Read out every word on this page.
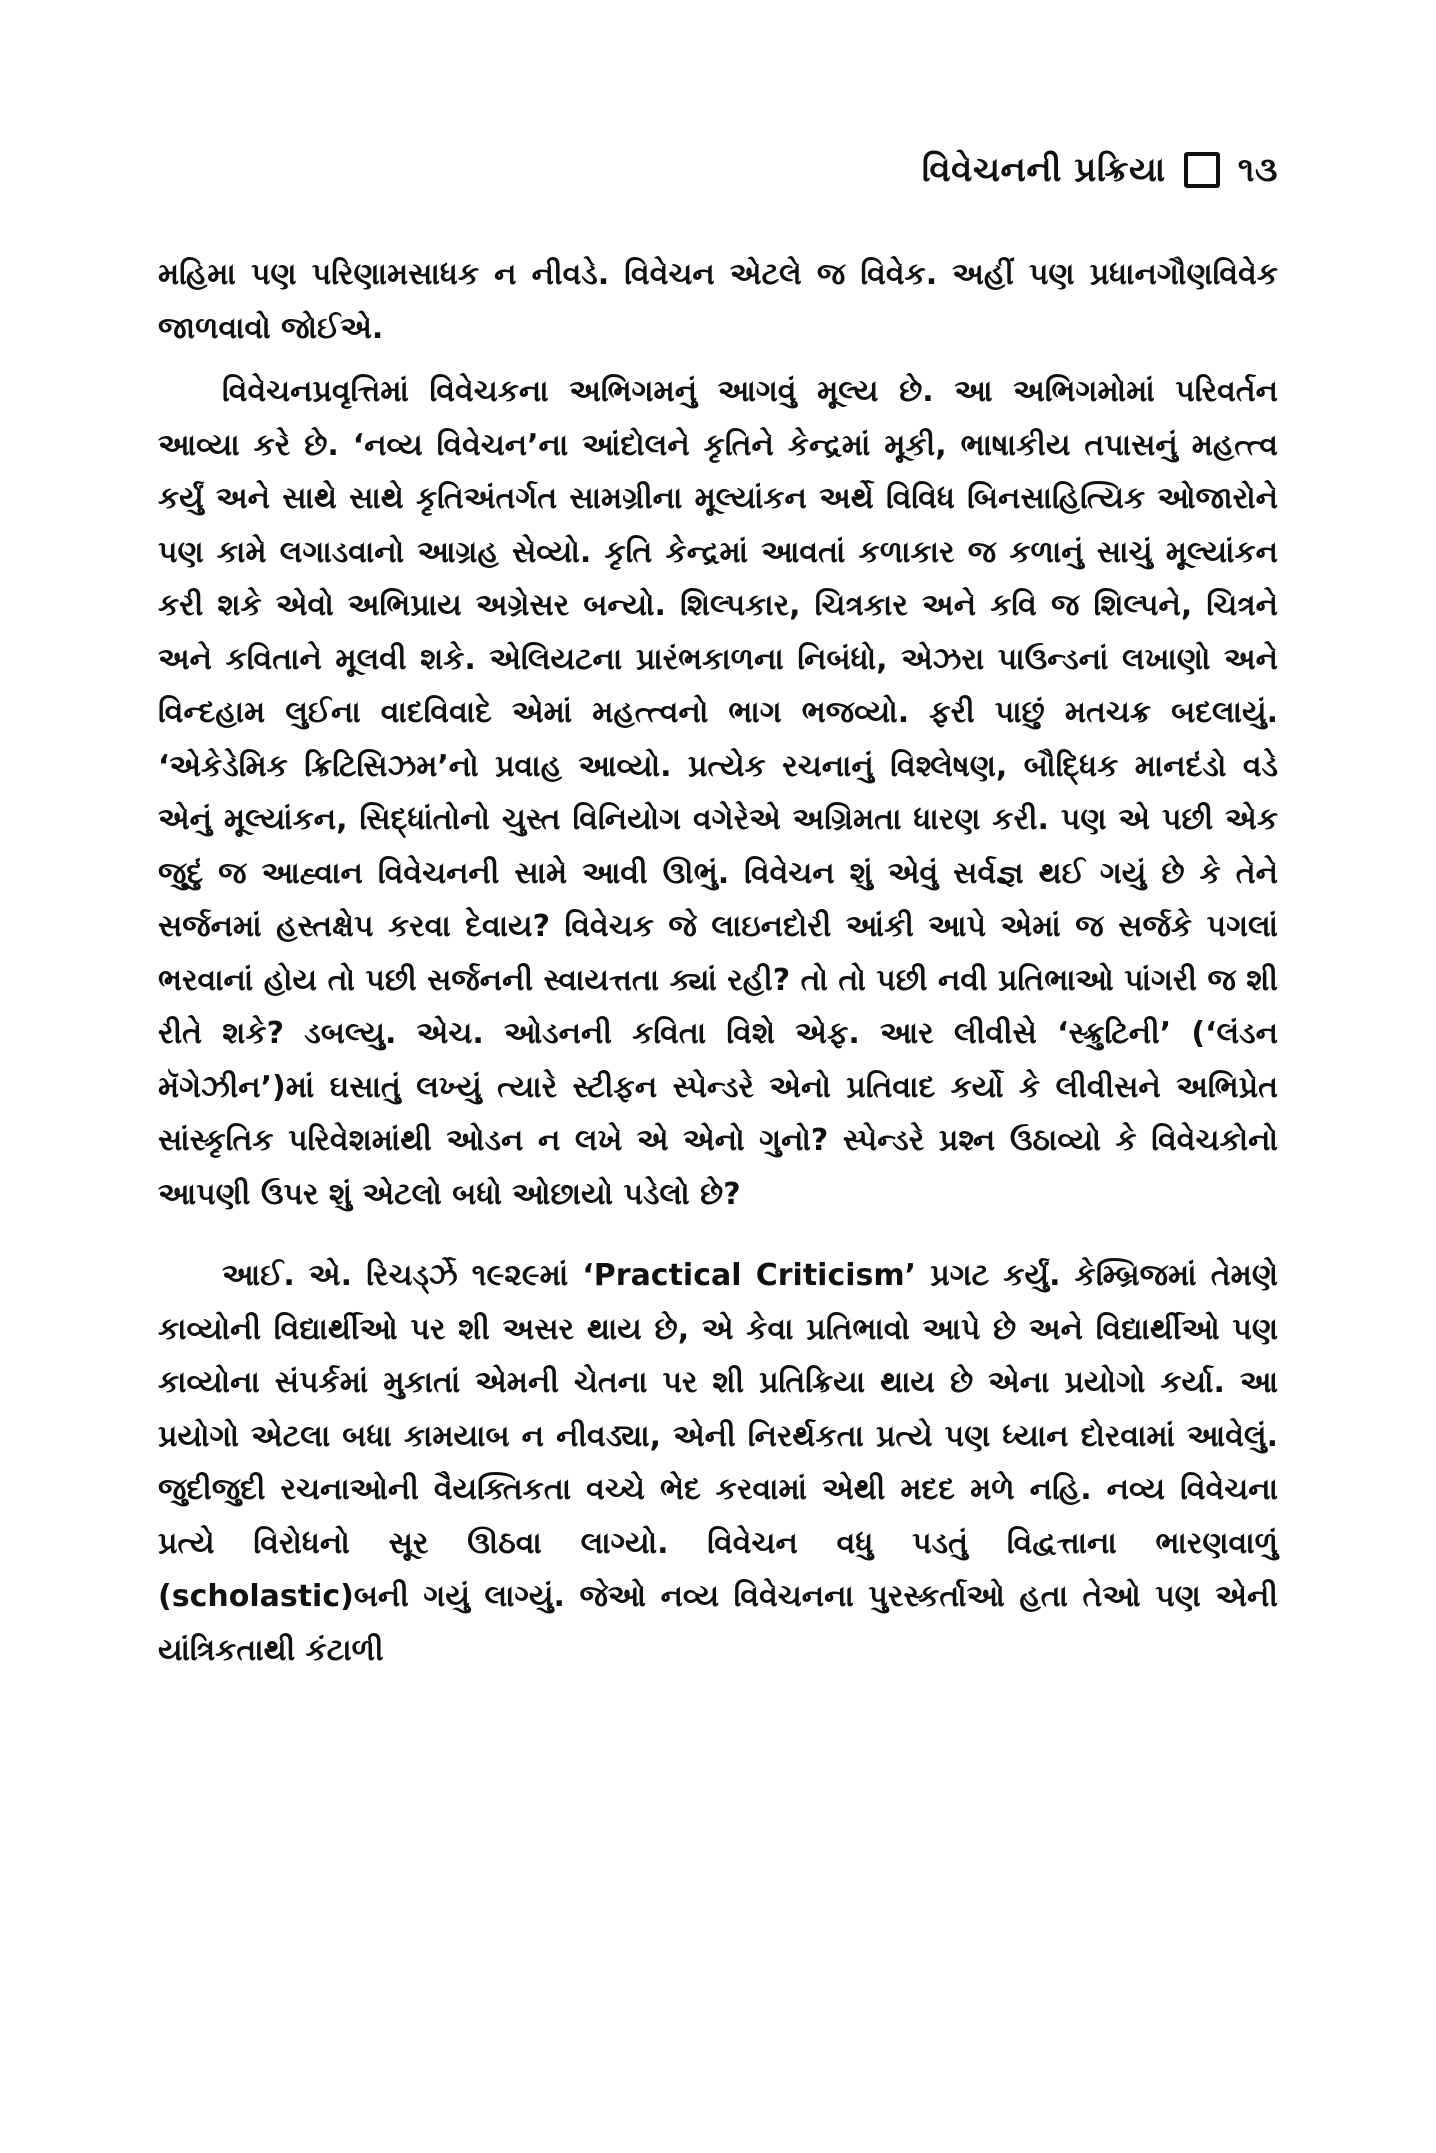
વિવેચનની પ્રક્રિયા ૧૩

મહિમા પણ પરિણામસાધક ન નીવડે. વિવેચન એટલે જ વિવેક. અહીં પણ પ્રધાનગૌણવિવેક જાળવાવો જોઈએ.

વિવેચનપ્રવૃત્તિમાં વિવેચકના અભિગમનું આગવું મૂલ્ય છે. આ અભિગમોમાં પરિવર્તન આવ્યા કરે છે. ‘નવ્ય વિવેચન’ના આંદોલને કૃતિને કેન્દ્રમાં મૂકી, ભાષાકીય તપાસનું મહત્ત્વ કર્યું અને સાથે સાથે કૃતિઅંતર્ગત સામગ્રીના મૂલ્યાંકન અર્થે વિવિધ બિનસાહિત્યિક ઓજારોને પણ કામે લગાડવાનો આગ્રહ સેવ્યો. કૃતિ કેન્દ્રમાં આવતાં કળાકાર જ કળાનું સાચું મૂલ્યાંકન કરી શકે એવો અભિપ્રાય અગ્રેસર બન્યો. શિલ્પકાર, ચિત્રકાર અને કવિ જ શિલ્પને, ચિત્રને અને કવિતાને મૂલવી શકે. એલિયટના પ્રારંભકાળના નિબંધો, એઝરા પાઉન્ડનાં લખાણો અને વિન્દહામ લુઈના વાદવિવાદે એમાં મહત્ત્વનો ભાગ ભજવ્યો. ફરી પાછું મતચક્ર બદલાયું. ‘એકેડેમિક ક્રિટિસિઝમ’નો પ્રવાહ આવ્યો. પ્રત્યેક રચનાનું વિશ્લેષણ, બૌદ્ધિક માનદંડો વડે એનું મૂલ્યાંકન, સિદ્ધાંતોનો ચુસ્ત વિનિયોગ વગેરેએ અગ્રિમતા ધારણ કરી. પણ એ પછી એક જુદું જ આહ્વાન વિવેચનની સામે આવી ઊભું. વિવેચન શું એવું સર્વજ્ઞ થઈ ગયું છે કે તેને સર્જનમાં હસ્તક્ષેપ કરવા દેવાય? વિવેચક જે લાઇનદોરી આંકી આપે એમાં જ સર્જકે પગલાં ભરવાનાં હોય તો પછી સર્જનની સ્વાયત્તતા ક્યાં રહી? તો તો પછી નવી પ્રતિભાઓ પાંગરી જ શી રીતે શકે? ડબલ્યુ. એચ. ઓડનની કવિતા વિશે એફ. આર લીવીસે ‘સ્ક્રુટિની’ (‘લંડન મૅગેઝીન’)માં ઘસાતું લખ્યું ત્યારે સ્ટીફન સ્પેન્ડરે એનો પ્રતિવાદ કર્યો કે લીવીસને અભિપ્રેત સાંસ્કૃતિક પરિવેશમાંથી ઓડન ન લખે એ એનો ગુનો? સ્પેન્ડરે પ્રશ્ન ઉઠાવ્યો કે વિવેચકોનો આપણી ઉપર શું એટલો બધો ઓછાયો પડેલો છે?

આઈ. એ. રિચર્ડ્ઝે ૧૯૨૯માં ‘Practical Criticism’ પ્રગટ કર્યું. કેમ્બ્રિજમાં તેમણે કાવ્યોની વિદ્યાર્થીઓ પર શી અસર થાય છે, એ કેવા પ્રતિભાવો આપે છે અને વિદ્યાર્થીઓ પણ કાવ્યોના સંપર્કમાં મુકાતાં એમની ચેતના પર શી પ્રતિક્રિયા થાય છે એના પ્રયોગો કર્યા. આ પ્રયોગો એટલા બધા કામયાબ ન નીવડ્યા, એની નિરર્થકતા પ્રત્યે પણ ધ્યાન દોરવામાં આવેલું. જુદીજુદી રચનાઓની વૈયક્તિકતા વચ્ચે ભેદ કરવામાં એથી મદદ મળે નહિ. નવ્ય વિવેચના પ્રત્યે વિરોધનો સૂર ઊઠવા લાગ્યો. વિવેચન વધુ પડતું વિદ્વત્તાના ભારણવાળું (scholastic)બની ગયું લાગ્યું. જેઓ નવ્ય વિવેચનના પુરસ્કર્તાઓ હતા તેઓ પણ એની યાંત્રિકતાથી કંટાળી
